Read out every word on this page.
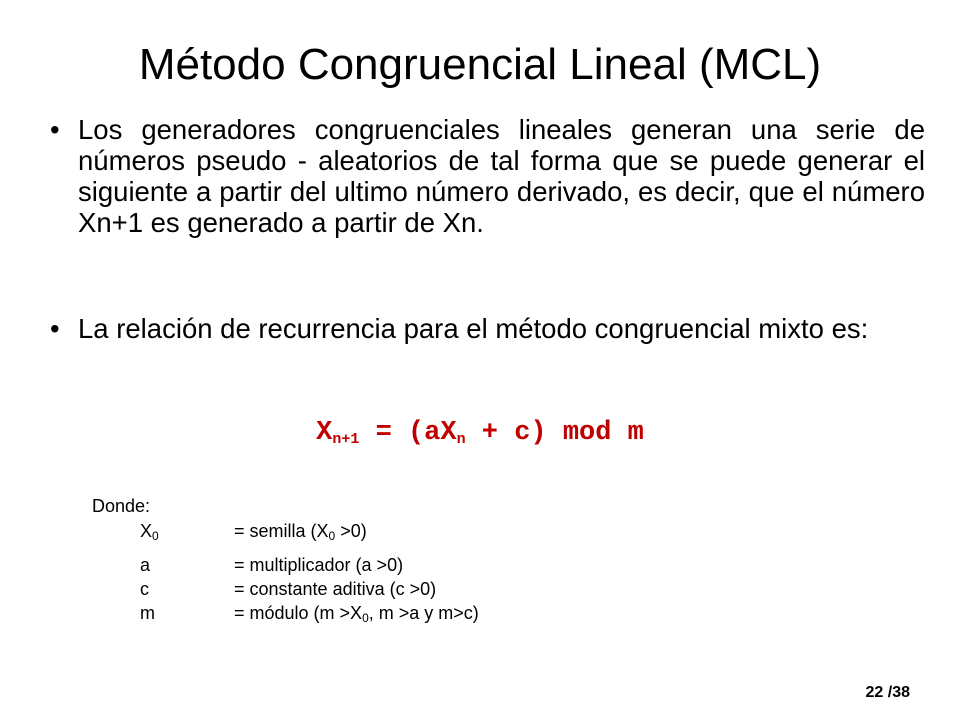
Método Congruencial Lineal (MCL)
• Los generadores congruenciales lineales generan una serie de números pseudo - aleatorios de tal forma que se puede generar el siguiente a partir del ultimo número derivado, es decir, que el número Xn+1 es generado a partir de Xn.
• La relación de recurrencia para el método congruencial mixto es:
$X_{n+1} = (aX_n + c)$ mod m
Donde:
$X_0$	= semilla $(X_0 >0)$
a	= multiplicador (a >0)
c	= constante aditiva (c >0)
m	= módulo ($m >X_0$, m >a y m>c)
22 /38
